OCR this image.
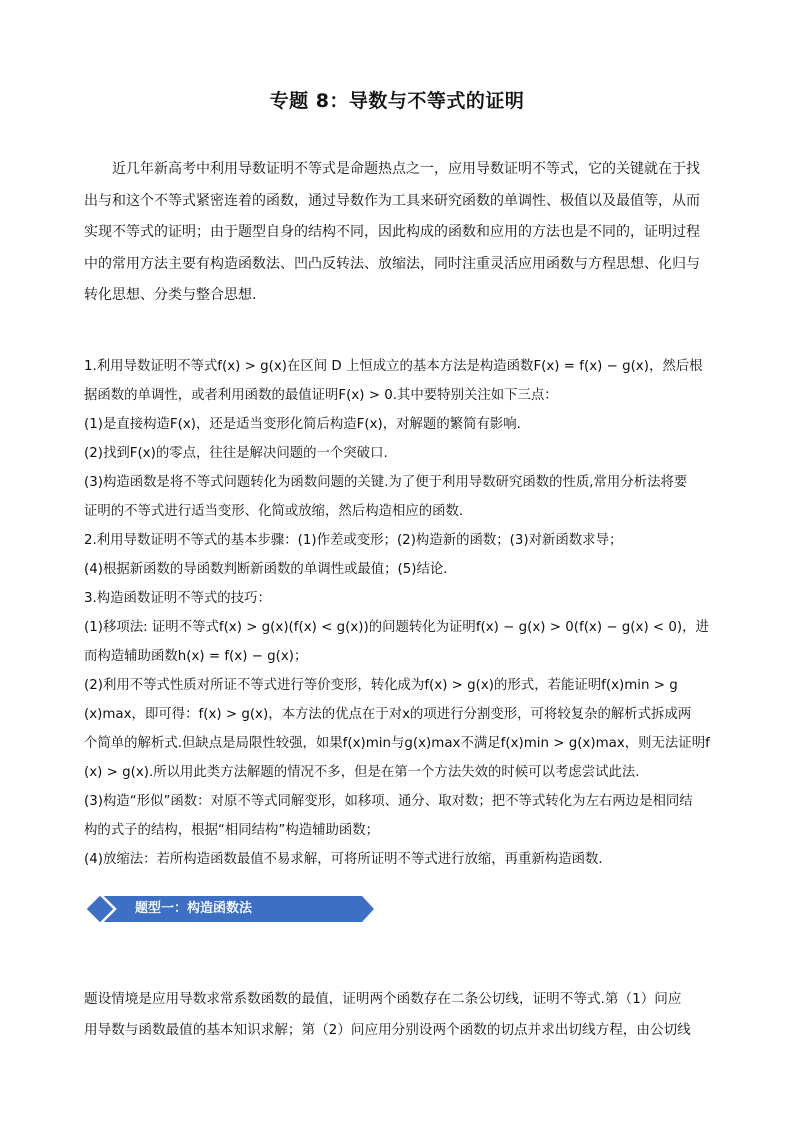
专题 8：导数与不等式的证明

近几年新高考中利用导数证明不等式是命题热点之一，应用导数证明不等式，它的关键就在于找出与和这个不等式紧密连着的函数，通过导数作为工具来研究函数的单调性、极值以及最值等，从而实现不等式的证明；由于题型自身的结构不同，因此构成的函数和应用的方法也是不同的，证明过程中的常用方法主要有构造函数法、凹凸反转法、放缩法，同时注重灵活应用函数与方程思想、化归与转化思想、分类与整合思想.

1.利用导数证明不等式f(x) > g(x)在区间 D 上恒成立的基本方法是构造函数F(x) = f(x) − g(x)，然后根
据函数的单调性，或者利用函数的最值证明F(x) > 0.其中要特别关注如下三点：
(1)是直接构造F(x)，还是适当变形化简后构造F(x)，对解题的繁简有影响.
(2)找到F(x)的零点，往往是解决问题的一个突破口.
(3)构造函数是将不等式问题转化为函数问题的关键.为了便于利用导数研究函数的性质,常用分析法将要
证明的不等式进行适当变形、化简或放缩，然后构造相应的函数.
2.利用导数证明不等式的基本步骤：(1)作差或变形；(2)构造新的函数；(3)对新函数求导；
(4)根据新函数的导函数判断新函数的单调性或最值；(5)结论．
3.构造函数证明不等式的技巧：
(1)移项法: 证明不等式f(x) > g(x)(f(x) < g(x))的问题转化为证明f(x) − g(x) > 0(f(x) − g(x) < 0)，进
而构造辅助函数h(x) = f(x) − g(x)；
(2)利用不等式性质对所证不等式进行等价变形，转化成为f(x) > g(x)的形式，若能证明f(x)min > g
(x)max，即可得：f(x) > g(x)，本方法的优点在于对x的项进行分割变形，可将较复杂的解析式拆成两
个简单的解析式.但缺点是局限性较强，如果f(x)min与g(x)max不满足f(x)min > g(x)max，则无法证明f
(x) > g(x).所以用此类方法解题的情况不多，但是在第一个方法失效的时候可以考虑尝试此法.
(3)构造“形似”函数：对原不等式同解变形，如移项、通分、取对数；把不等式转化为左右两边是相同结
构的式子的结构，根据“相同结构”构造辅助函数；
(4)放缩法：若所构造函数最值不易求解，可将所证明不等式进行放缩，再重新构造函数．
题型一：构造函数法
题设情境是应用导数求常系数函数的最值，证明两个函数存在二条公切线，证明不等式.第（1）问应
用导数与函数最值的基本知识求解；第（2）问应用分别设两个函数的切点并求出切线方程，由公切线
